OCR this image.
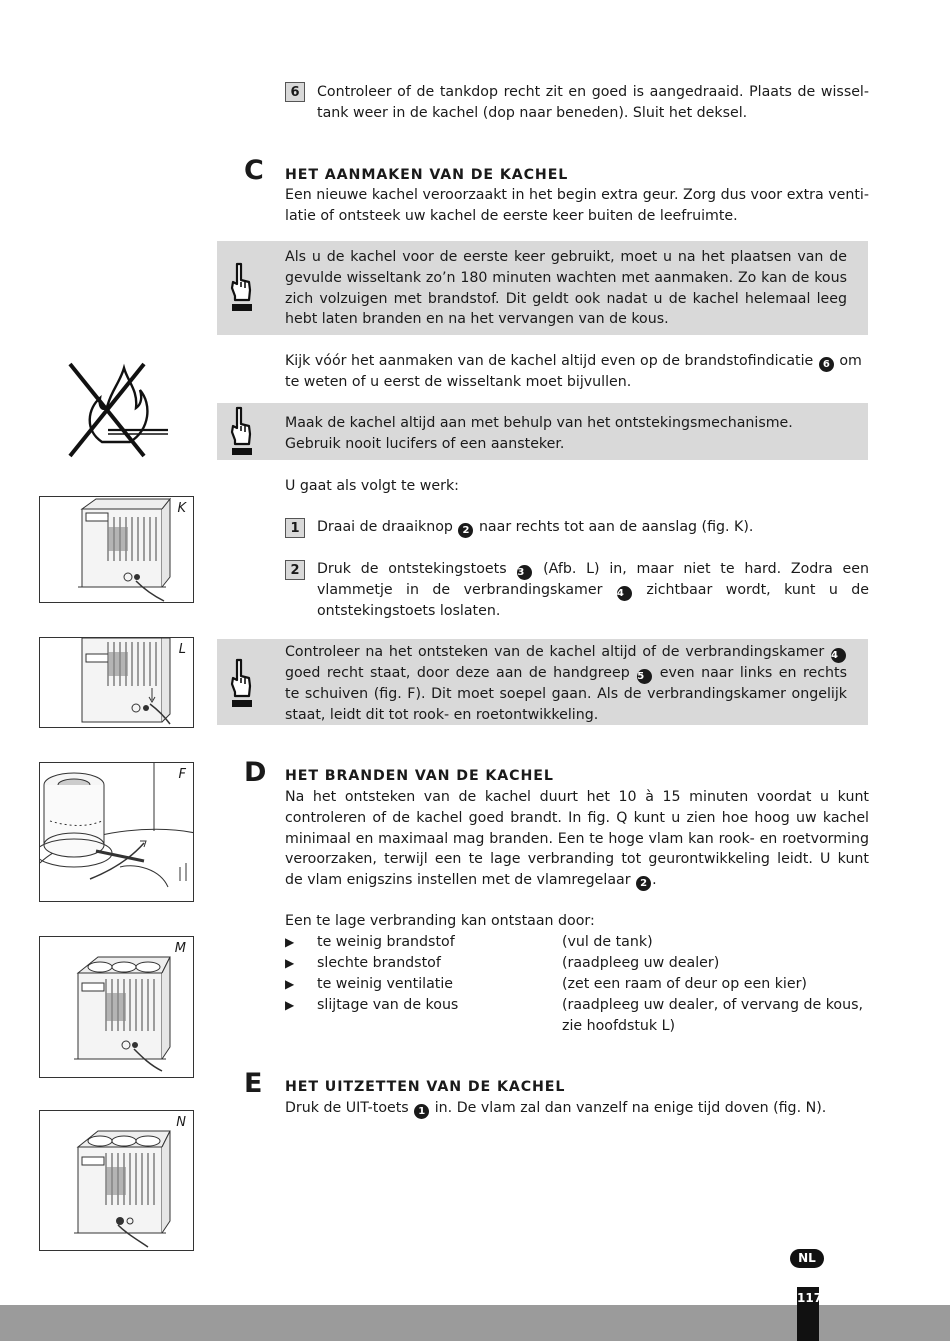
6	Controleer of de tankdop recht zit en goed is aangedraaid. Plaats de wissel-
tank weer in de kachel (dop naar beneden). Sluit het deksel.
C HET AANMAKEN VAN DE KACHEL
Een nieuwe kachel veroorzaakt in het begin extra geur. Zorg dus voor extra venti-
latie of ontsteek uw kachel de eerste keer buiten de leefruimte.
Als u de kachel voor de eerste keer gebruikt, moet u na het plaatsen van de
gevulde wisseltank zo’n 180 minuten wachten met aanmaken. Zo kan de kous
zich volzuigen met brandstof. Dit geldt ook nadat u de kachel helemaal leeg
hebt laten branden en na het vervangen van de kous.
Kijk vóór het aanmaken van de kachel altijd even op de brandstofindicatie 6 om
te weten of u eerst de wisseltank moet bijvullen.
Maak de kachel altijd aan met behulp van het ontstekingsmechanisme.
Gebruik nooit lucifers of een aansteker.
U gaat als volgt te werk:
1	Draai de draaiknop 2 naar rechts tot aan de aanslag (fig. K).
2	Druk de ontstekingstoets 3 (Afb. L) in, maar niet te hard. Zodra een
vlammetje in de verbrandingskamer 4 zichtbaar wordt, kunt u de
ontstekingstoets loslaten.
Controleer na het ontsteken van de kachel altijd of de verbrandingskamer 4
goed recht staat, door deze aan de handgreep 5 even naar links en rechts
te schuiven (fig. F). Dit moet soepel gaan. Als de verbrandingskamer ongelijk
staat, leidt dit tot rook- en roetontwikkeling.
D HET BRANDEN VAN DE KACHEL
Na het ontsteken van de kachel duurt het 10 à 15 minuten voordat u kunt
controleren of de kachel goed brandt. In fig. Q kunt u zien hoe hoog uw kachel
minimaal en maximaal mag branden. Een te hoge vlam kan rook- en roetvorming
veroorzaken, terwijl een te lage verbranding tot geurontwikkeling leidt. U kunt
de vlam enigszins instellen met de vlamregelaar 2 .
Een te lage verbranding kan ontstaan door:
▶ te weinig brandstof	(vul de tank)
▶ slechte brandstof	(raadpleeg uw dealer)
▶ te weinig ventilatie	(zet een raam of deur op een kier)
▶ slijtage van de kous	(raadpleeg uw dealer, of vervang de kous,
zie hoofdstuk L)
E HET UITZETTEN VAN DE KACHEL
Druk de UIT-toets 1 in. De vlam zal dan vanzelf na enige tijd doven (fig. N).
K
L
F
M
N
NL
117
